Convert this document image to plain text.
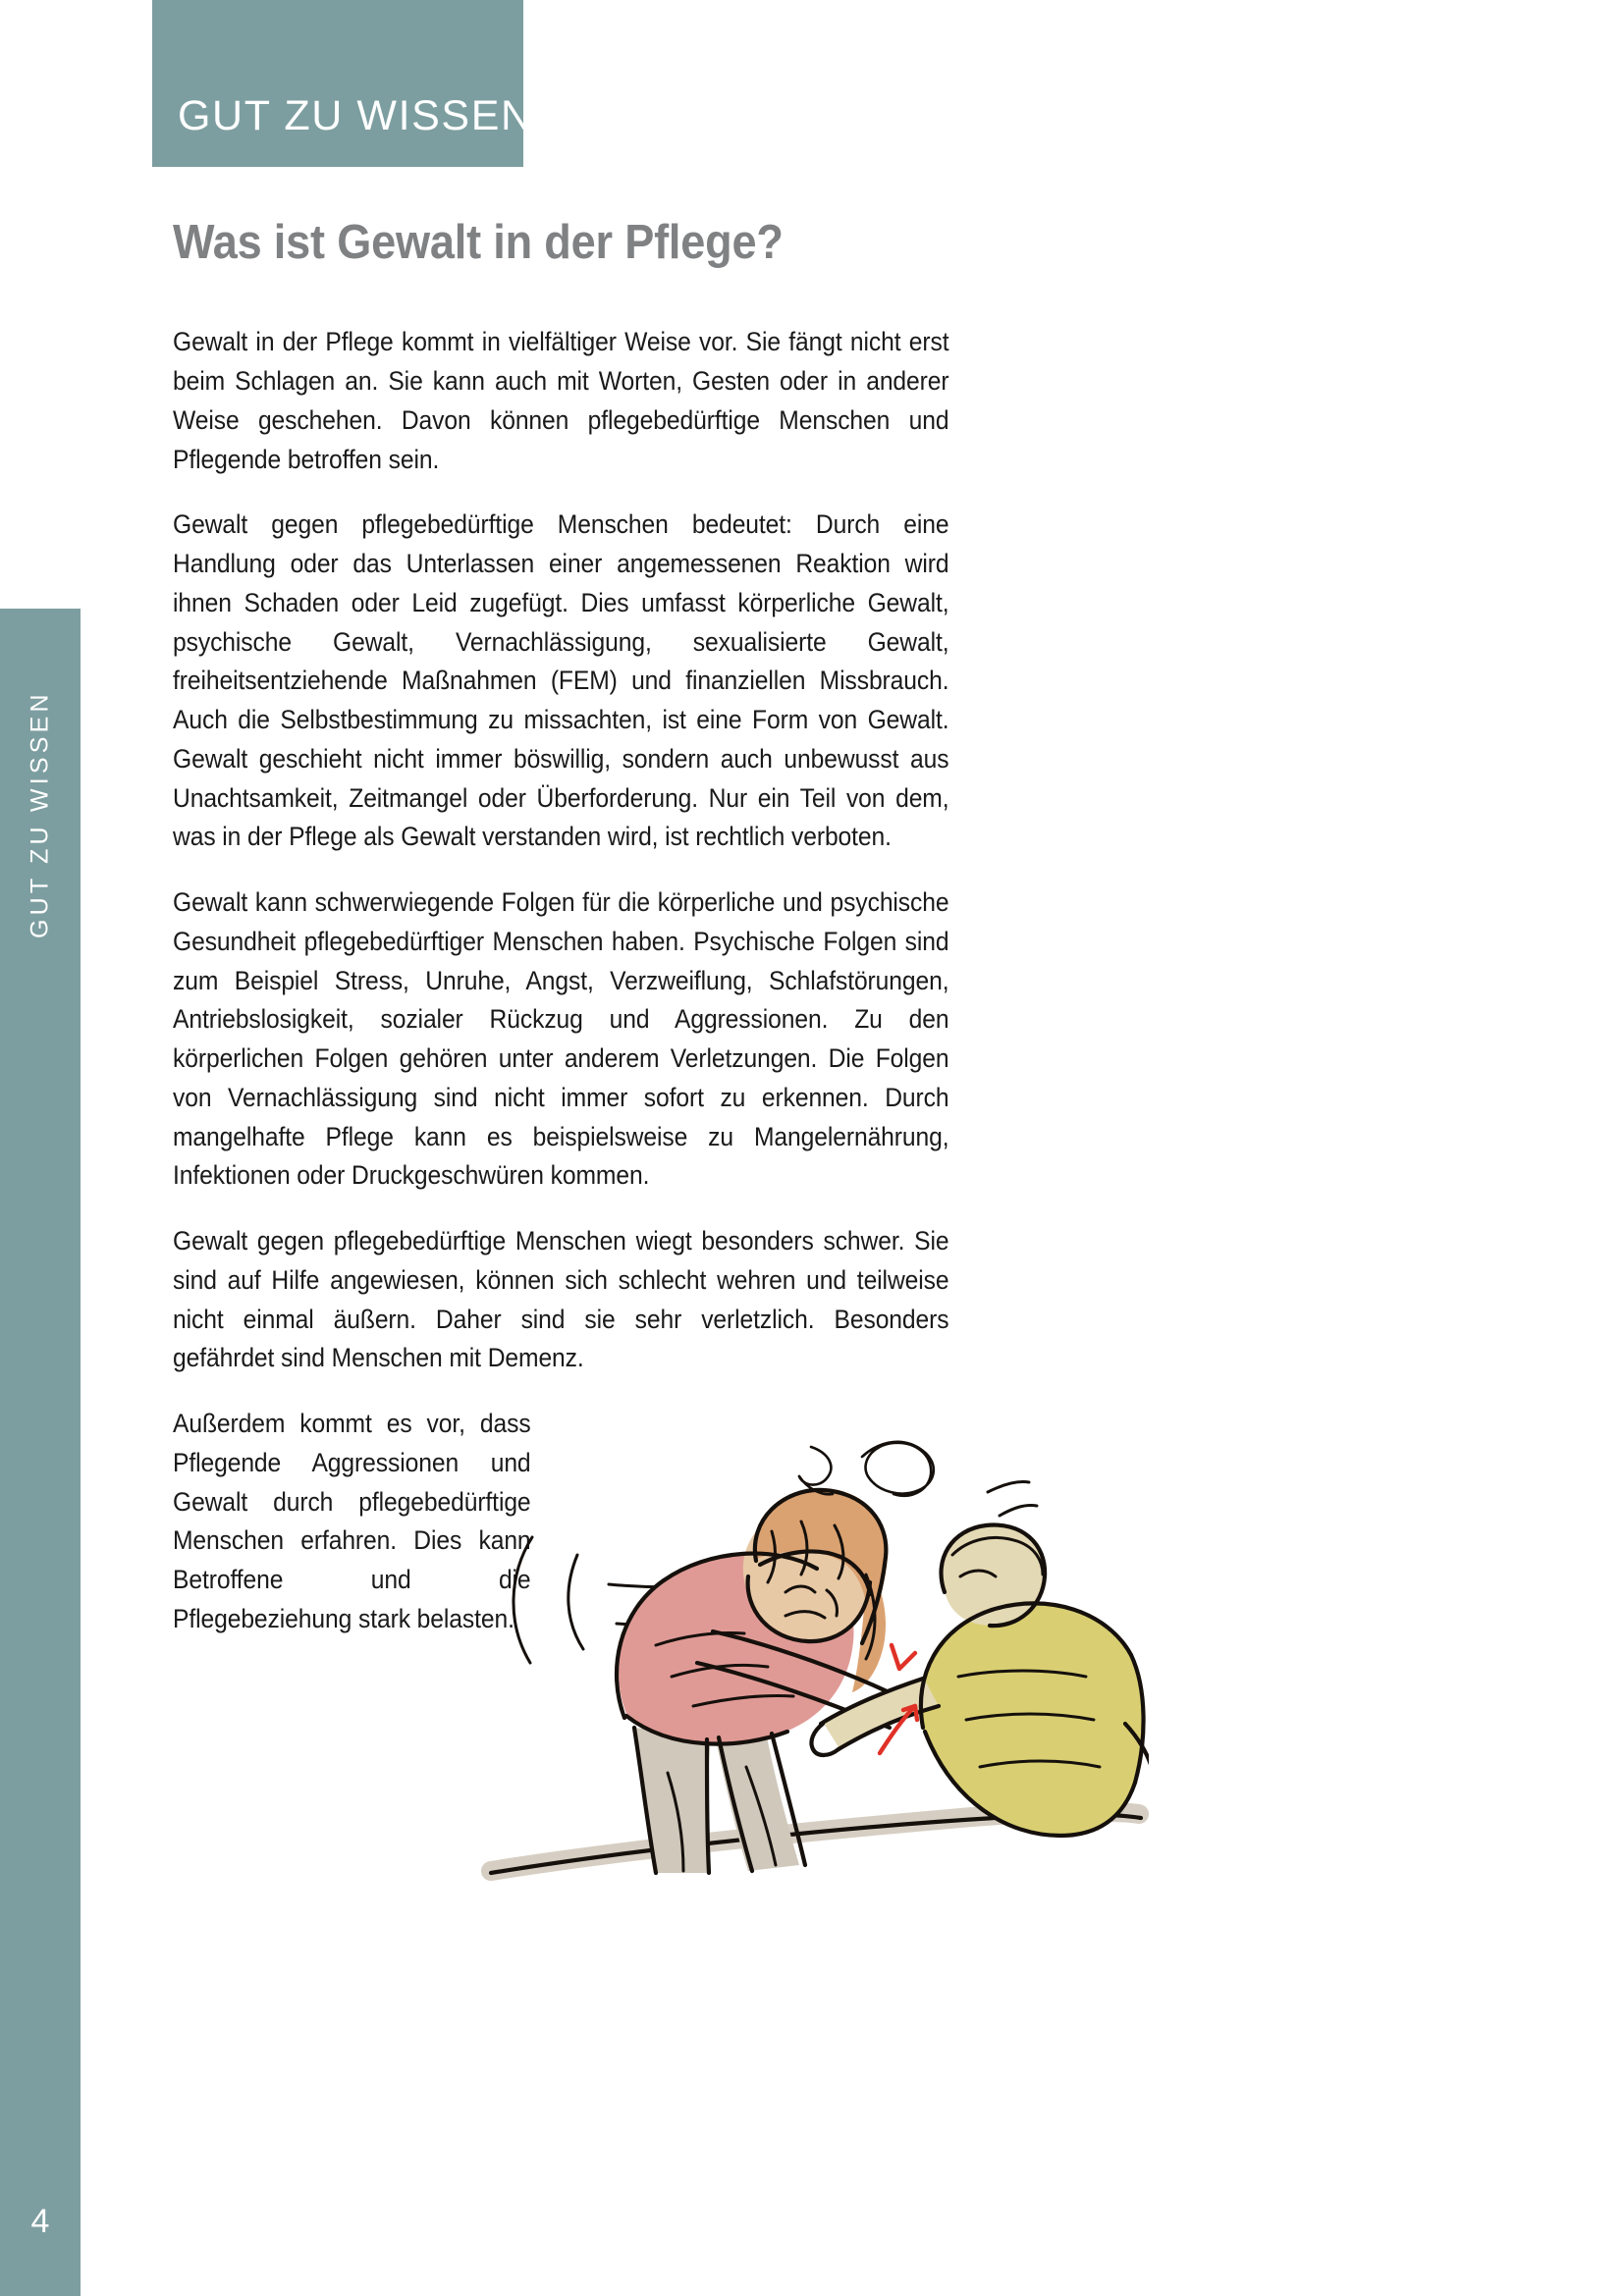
GUT ZU WISSEN
GUT ZU WISSEN
4
Was ist Gewalt in der Pflege?

Gewalt in der Pflege kommt in vielfältiger Weise vor. Sie fängt nicht erst beim Schlagen an. Sie kann auch mit Worten, Gesten oder in anderer Weise geschehen. Davon können pflegebedürftige Menschen und Pflegende betroffen sein.

Gewalt gegen pflegebedürftige Menschen bedeutet: Durch eine Handlung oder das Unterlassen einer angemessenen Reaktion wird ihnen Schaden oder Leid zugefügt. Dies umfasst körperliche Gewalt, psychische Gewalt, Vernachlässigung, sexualisierte Gewalt, freiheitsentziehende Maßnahmen (FEM) und finanziellen Missbrauch. Auch die Selbstbestimmung zu missachten, ist eine Form von Gewalt. Gewalt geschieht nicht immer böswillig, sondern auch unbewusst aus Unachtsamkeit, Zeitmangel oder Überforderung. Nur ein Teil von dem, was in der Pflege als Gewalt verstanden wird, ist rechtlich verboten.

Gewalt kann schwerwiegende Folgen für die körperliche und psychische Gesundheit pflegebedürftiger Menschen haben. Psychische Folgen sind zum Beispiel Stress, Unruhe, Angst, Verzweiflung, Schlafstörungen, Antriebslosigkeit, sozialer Rückzug und Aggressionen. Zu den körperlichen Folgen gehören unter anderem Verletzungen. Die Folgen von Vernachlässigung sind nicht immer sofort zu erkennen. Durch mangelhafte Pflege kann es beispielsweise zu Mangelernährung, Infektionen oder Druckgeschwüren kommen.

Gewalt gegen pflegebedürftige Menschen wiegt besonders schwer. Sie sind auf Hilfe angewiesen, können sich schlecht wehren und teilweise nicht einmal äußern. Daher sind sie sehr verletzlich. Besonders gefährdet sind Menschen mit Demenz.

Außerdem kommt es vor, dass Pflegende Aggressionen und Gewalt durch pflegebedürftige Menschen erfahren. Dies kann Betroffene und die Pflegebeziehung stark belasten.
